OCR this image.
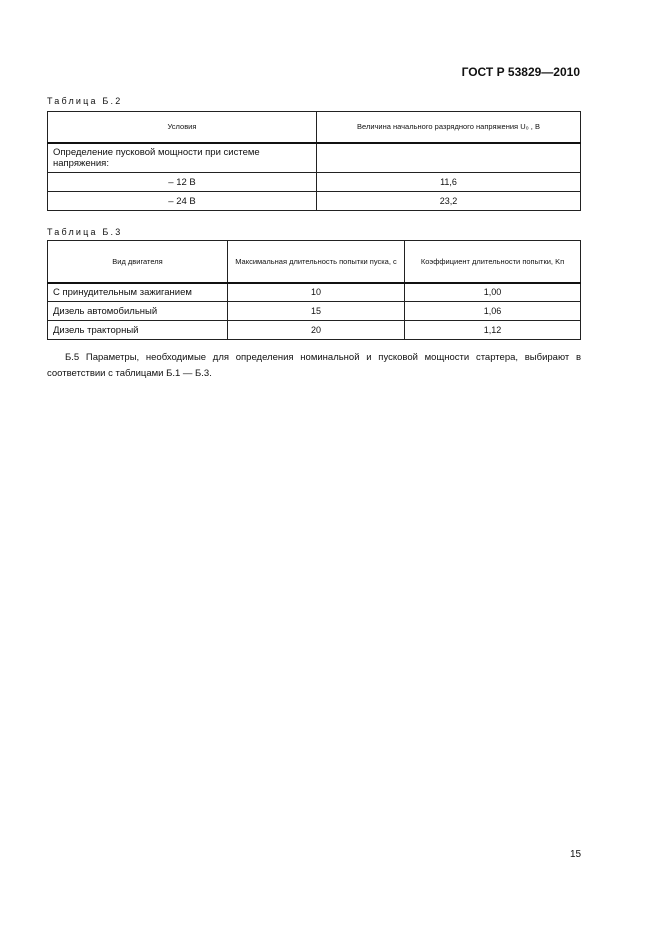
ГОСТ Р 53829—2010
Таблица Б.2
Условия	Величина начального разрядного напряжения U₀ , В
Определение пусковой мощности при системе напряжения:	
– 12 В	11,6
– 24 В	23,2
Таблица Б.3
Вид двигателя	Максимальная длительность попытки пуска, с	Коэффициент длительности попытки, Kп
С принудительным зажиганием	10	1,00
Дизель автомобильный	15	1,06
Дизель тракторный	20	1,12
Б.5 Параметры, необходимые для определения номинальной и пусковой мощности стартера, выбирают в соответствии с таблицами Б.1 — Б.3.
15
